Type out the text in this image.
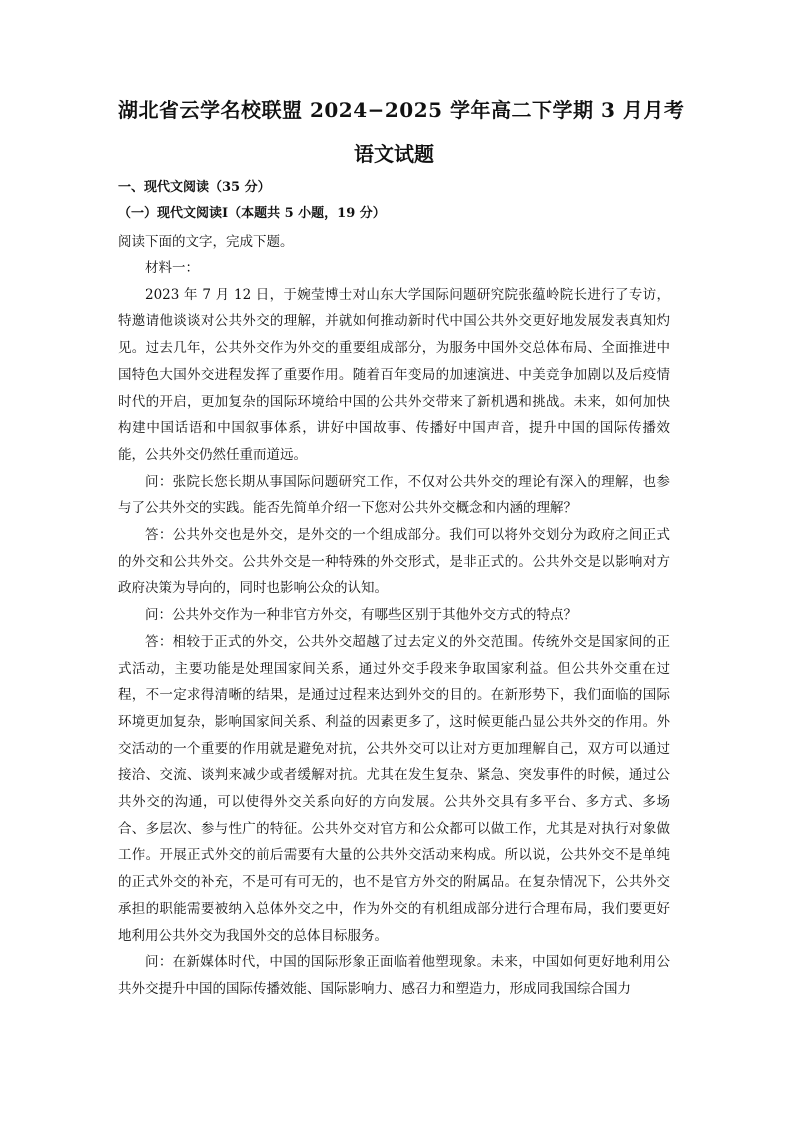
湖北省云学名校联盟 2024−2025 学年高二下学期 3 月月考
语文试题
一、现代文阅读（35 分）
（一）现代文阅读Ⅰ（本题共 5 小题，19 分）
阅读下面的文字，完成下题。

材料一：

2023 年 7 月 12 日，于婉莹博士对山东大学国际问题研究院张蕴岭院长进行了专访，特邀请他谈谈对公共外交的理解，并就如何推动新时代中国公共外交更好地发展发表真知灼见。过去几年，公共外交作为外交的重要组成部分，为服务中国外交总体布局、全面推进中国特色大国外交进程发挥了重要作用。随着百年变局的加速演进、中美竞争加剧以及后疫情时代的开启，更加复杂的国际环境给中国的公共外交带来了新机遇和挑战。未来，如何加快构建中国话语和中国叙事体系，讲好中国故事、传播好中国声音，提升中国的国际传播效能，公共外交仍然任重而道远。

问：张院长您长期从事国际问题研究工作，不仅对公共外交的理论有深入的理解，也参与了公共外交的实践。能否先简单介绍一下您对公共外交概念和内涵的理解？

答：公共外交也是外交，是外交的一个组成部分。我们可以将外交划分为政府之间正式的外交和公共外交。公共外交是一种特殊的外交形式，是非正式的。公共外交是以影响对方政府决策为导向的，同时也影响公众的认知。

问：公共外交作为一种非官方外交，有哪些区别于其他外交方式的特点？

答：相较于正式的外交，公共外交超越了过去定义的外交范围。传统外交是国家间的正式活动，主要功能是处理国家间关系，通过外交手段来争取国家利益。但公共外交重在过程，不一定求得清晰的结果，是通过过程来达到外交的目的。在新形势下，我们面临的国际环境更加复杂，影响国家间关系、利益的因素更多了，这时候更能凸显公共外交的作用。外交活动的一个重要的作用就是避免对抗，公共外交可以让对方更加理解自己，双方可以通过接洽、交流、谈判来减少或者缓解对抗。尤其在发生复杂、紧急、突发事件的时候，通过公共外交的沟通，可以使得外交关系向好的方向发展。公共外交具有多平台、多方式、多场合、多层次、参与性广的特征。公共外交对官方和公众都可以做工作，尤其是对执行对象做工作。开展正式外交的前后需要有大量的公共外交活动来构成。所以说，公共外交不是单纯的正式外交的补充，不是可有可无的，也不是官方外交的附属品。在复杂情况下，公共外交承担的职能需要被纳入总体外交之中，作为外交的有机组成部分进行合理布局，我们要更好地利用公共外交为我国外交的总体目标服务。

问：在新媒体时代，中国的国际形象正面临着他塑现象。未来，中国如何更好地利用公共外交提升中国的国际传播效能、国际影响力、感召力和塑造力，形成同我国综合国力
